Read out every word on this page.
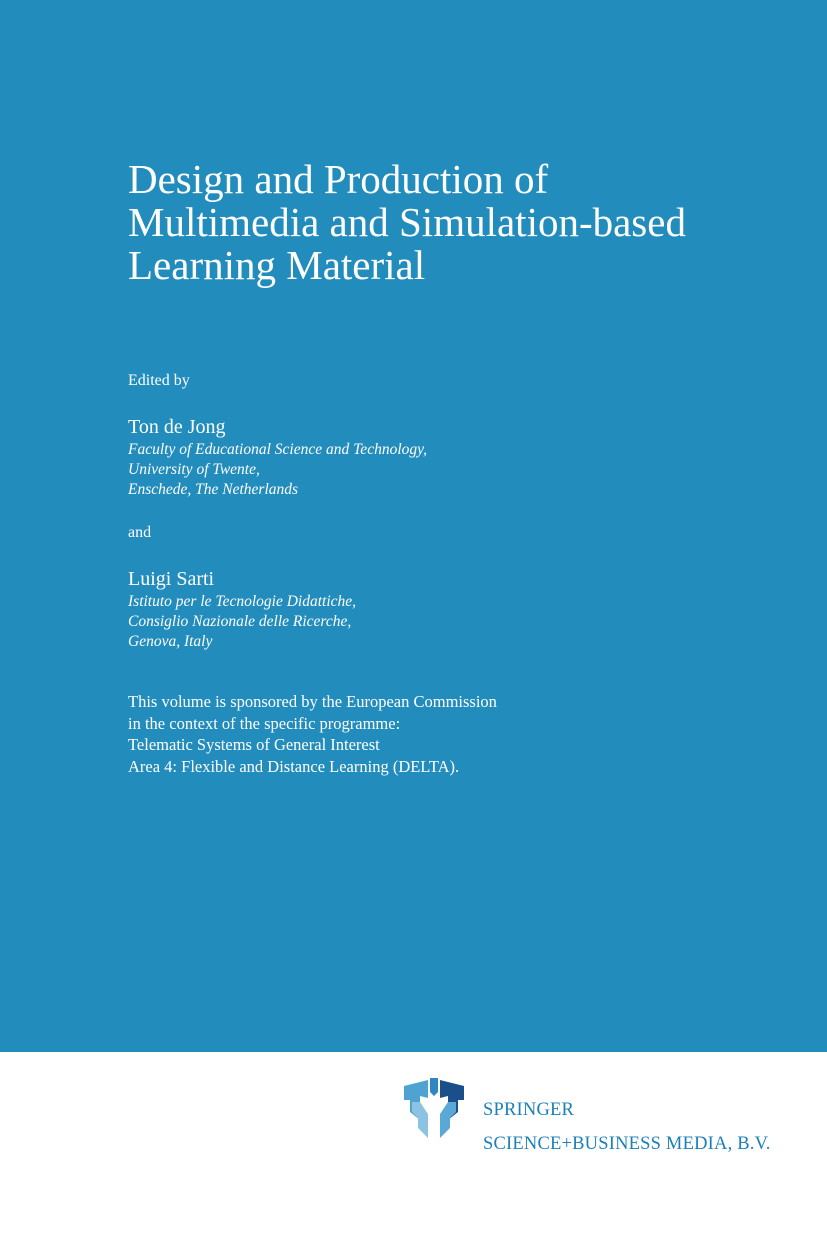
Design and Production of
Multimedia and Simulation-based
Learning Material
Edited by
Ton de Jong
Faculty of Educational Science and Technology,
University of Twente,
Enschede, The Netherlands
and
Luigi Sarti
Istituto per le Tecnologie Didattiche,
Consiglio Nazionale delle Ricerche,
Genova, Italy
This volume is sponsored by the European Commission
in the context of the specific programme:
Telematic Systems of General Interest
Area 4: Flexible and Distance Learning (DELTA).
SPRINGER
SCIENCE+BUSINESS MEDIA, B.V.
